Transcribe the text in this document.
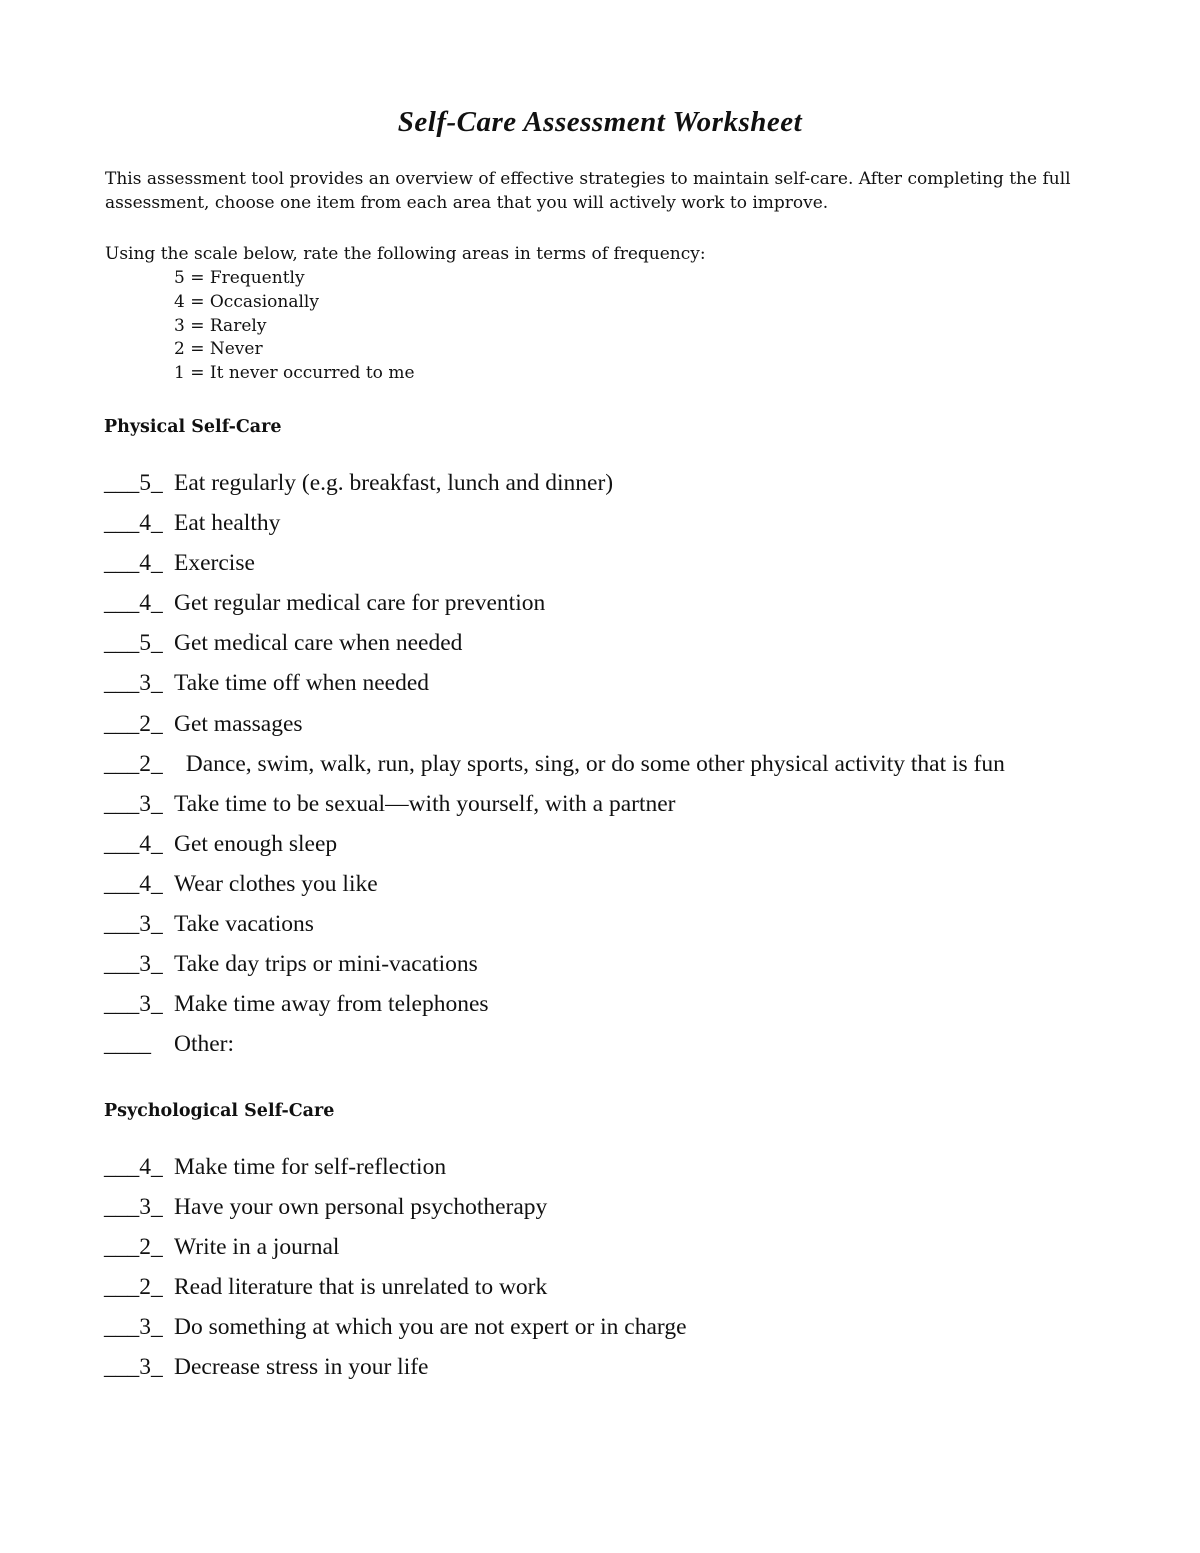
Self-Care Assessment Worksheet
This assessment tool provides an overview of effective strategies to maintain self-care. After completing the full assessment, choose one item from each area that you will actively work to improve.
Using the scale below, rate the following areas in terms of frequency:
5 = Frequently
4 = Occasionally
3 = Rarely
2 = Never
1 = It never occurred to me
Physical Self-Care
___5_ Eat regularly (e.g. breakfast, lunch and dinner)
___4_ Eat healthy
___4_ Exercise
___4_ Get regular medical care for prevention
___5_ Get medical care when needed
___3_ Take time off when needed
___2_ Get massages
___2_ Dance, swim, walk, run, play sports, sing, or do some other physical activity that is fun
___3_ Take time to be sexual—with yourself, with a partner
___4_ Get enough sleep
___4_ Wear clothes you like
___3_ Take vacations
___3_ Take day trips or mini-vacations
___3_ Make time away from telephones
____ Other:
Psychological Self-Care
___4_ Make time for self-reflection
___3_ Have your own personal psychotherapy
___2_ Write in a journal
___2_ Read literature that is unrelated to work
___3_ Do something at which you are not expert or in charge
___3_ Decrease stress in your life
